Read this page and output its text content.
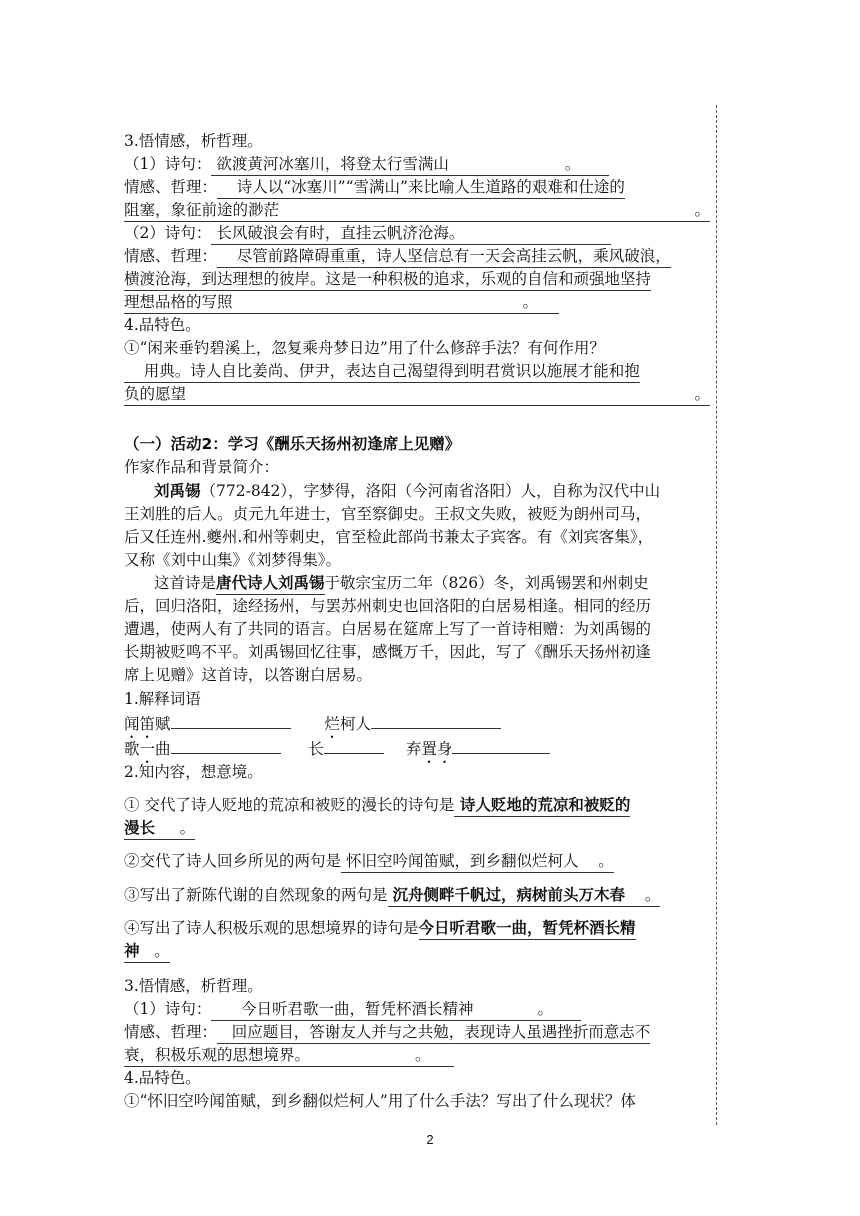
3.悟情感，析哲理。
（1）诗句： 欲渡黄河冰塞川，将登太行雪满山	。
情感、哲理： 诗人以“冰塞川”“雪满山”来比喻人生道路的艰难和仕途的
阻塞，象征前途的渺茫	。
（2）诗句： 长风破浪会有时，直挂云帆济沧海。
情感、哲理： 尽管前路障碍重重，诗人坚信总有一天会高挂云帆，乘风破浪，
横渡沧海，到达理想的彼岸。这是一种积极的追求，乐观的自信和顽强地坚持
理想品格的写照	。
4.品特色。
①“闲来垂钓碧溪上，忽复乘舟梦日边”用了什么修辞手法？有何作用？
用典。诗人自比姜尚、伊尹，表达自己渴望得到明君赏识以施展才能和抱
负的愿望	。
（一）活动2：学习《酬乐天扬州初逢席上见赠》
作家作品和背景简介：
刘禹锡（772-842），字梦得，洛阳（今河南省洛阳）人，自称为汉代中山
王刘胜的后人。贞元九年进士，官至察御史。王叔文失败，被贬为朗州司马，
后又任连州.夔州.和州等刺史，官至检此部尚书兼太子宾客。有《刘宾客集》，
又称《刘中山集》《刘梦得集》。
这首诗是唐代诗人刘禹锡于敬宗宝历二年（826）冬，刘禹锡罢和州刺史
后，回归洛阳，途经扬州，与罢苏州刺史也回洛阳的白居易相逢。相同的经历
遭遇，使两人有了共同的语言。白居易在筵席上写了一首诗相赠：为刘禹锡的
长期被贬鸣不平。刘禹锡回忆往事，感慨万千，因此，写了《酬乐天扬州初逢
席上见赠》这首诗，以答谢白居易。
1.解释词语
闻笛赋	烂柯人
歌一曲	长	弃置身
2.知内容，想意境。
① 交代了诗人贬地的荒凉和被贬的漫长的诗句是 诗人贬地的荒凉和被贬的
漫长 。
②交代了诗人回乡所见的两句是 怀旧空吟闻笛赋，到乡翻似烂柯人 。
③写出了新陈代谢的自然现象的两句是 沉舟侧畔千帆过，病树前头万木春 。
④写出了诗人积极乐观的思想境界的诗句是今日听君歌一曲，暂凭杯酒长精
神 。
3.悟情感，析哲理。
（1）诗句： 今日听君歌一曲，暂凭杯酒长精神	。
情感、哲理： 回应题目，答谢友人并与之共勉，表现诗人虽遇挫折而意志不
衰，积极乐观的思想境界。	。
4.品特色。
①“怀旧空吟闻笛赋，到乡翻似烂柯人”用了什么手法？写出了什么现状？体
2
